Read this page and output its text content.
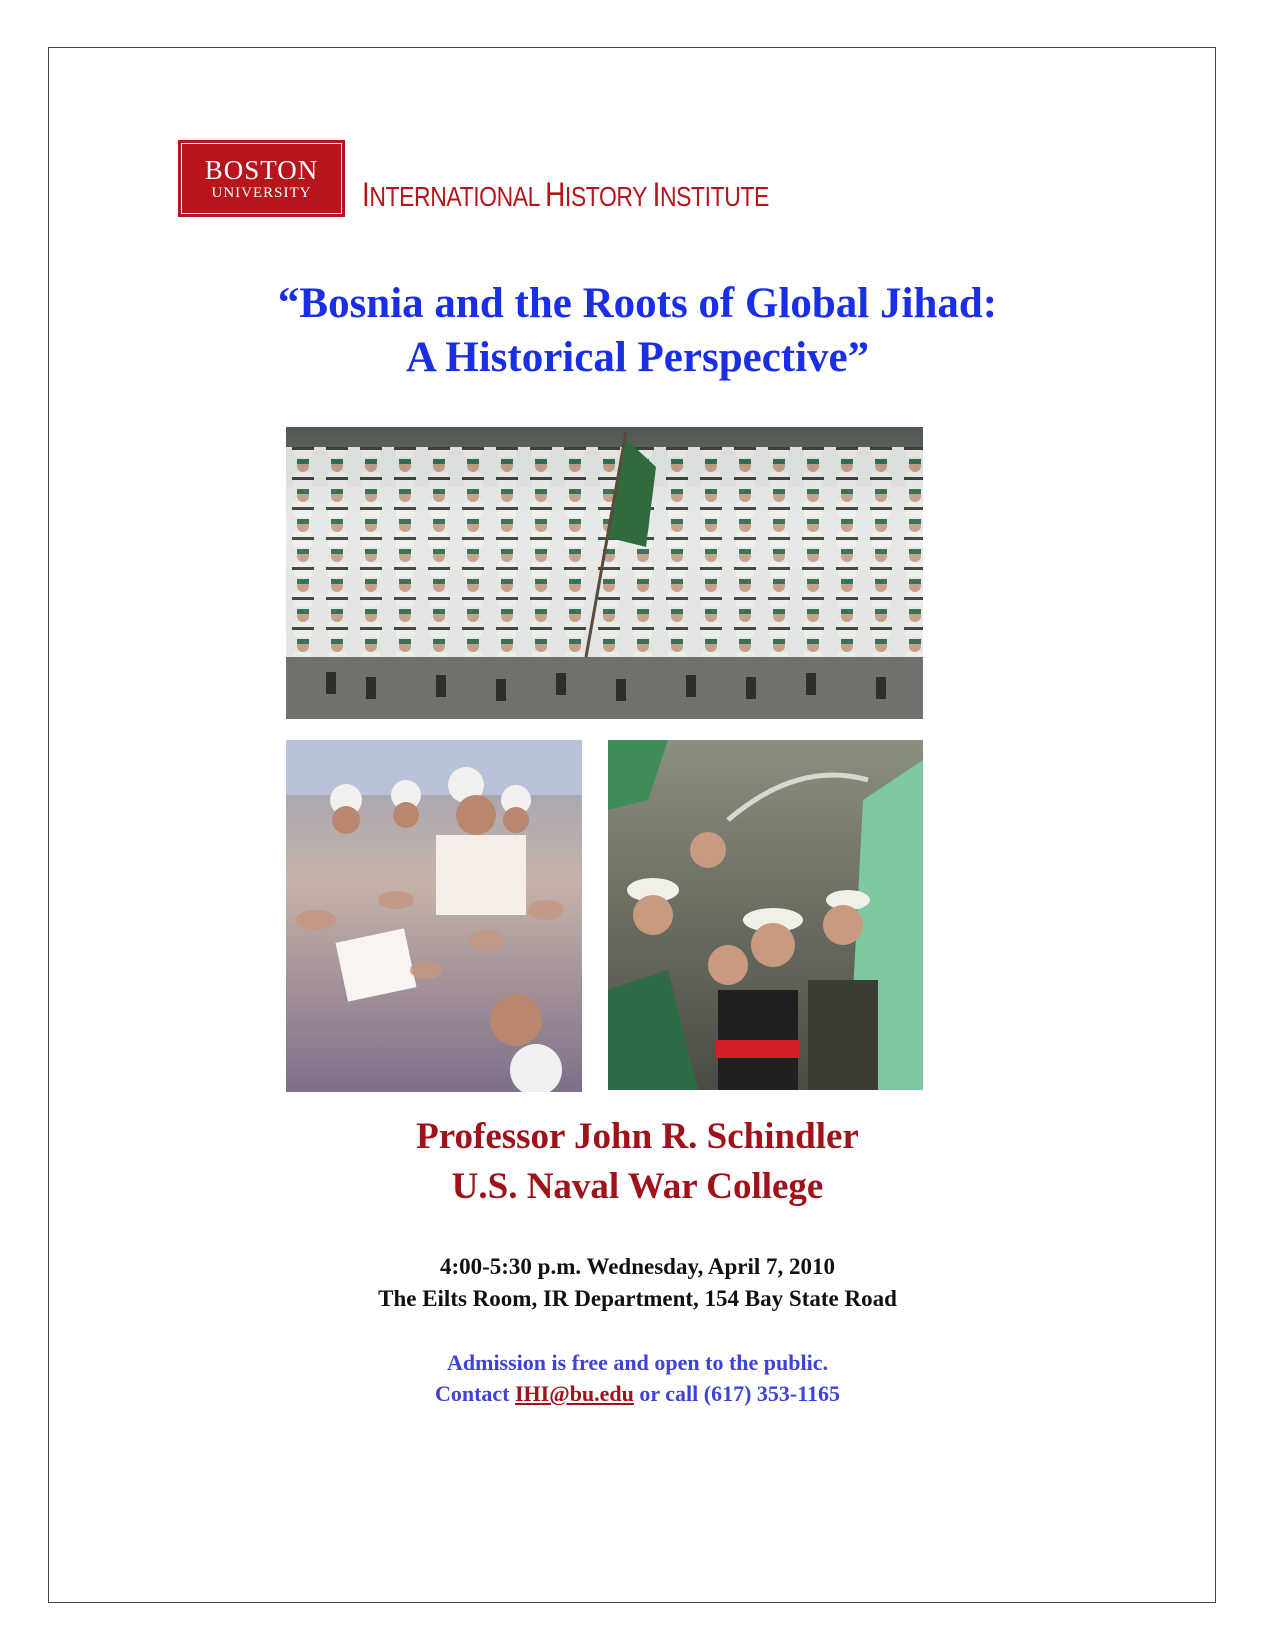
BOSTON
UNIVERSITY INTERNATIONAL HISTORY INSTITUTE
“Bosnia and the Roots of Global Jihad:
A Historical Perspective”
Professor John R. Schindler
U.S. Naval War College
4:00-5:30 p.m. Wednesday, April 7, 2010
The Eilts Room, IR Department, 154 Bay State Road
Admission is free and open to the public.
Contact IHI@bu.edu or call (617) 353-1165
